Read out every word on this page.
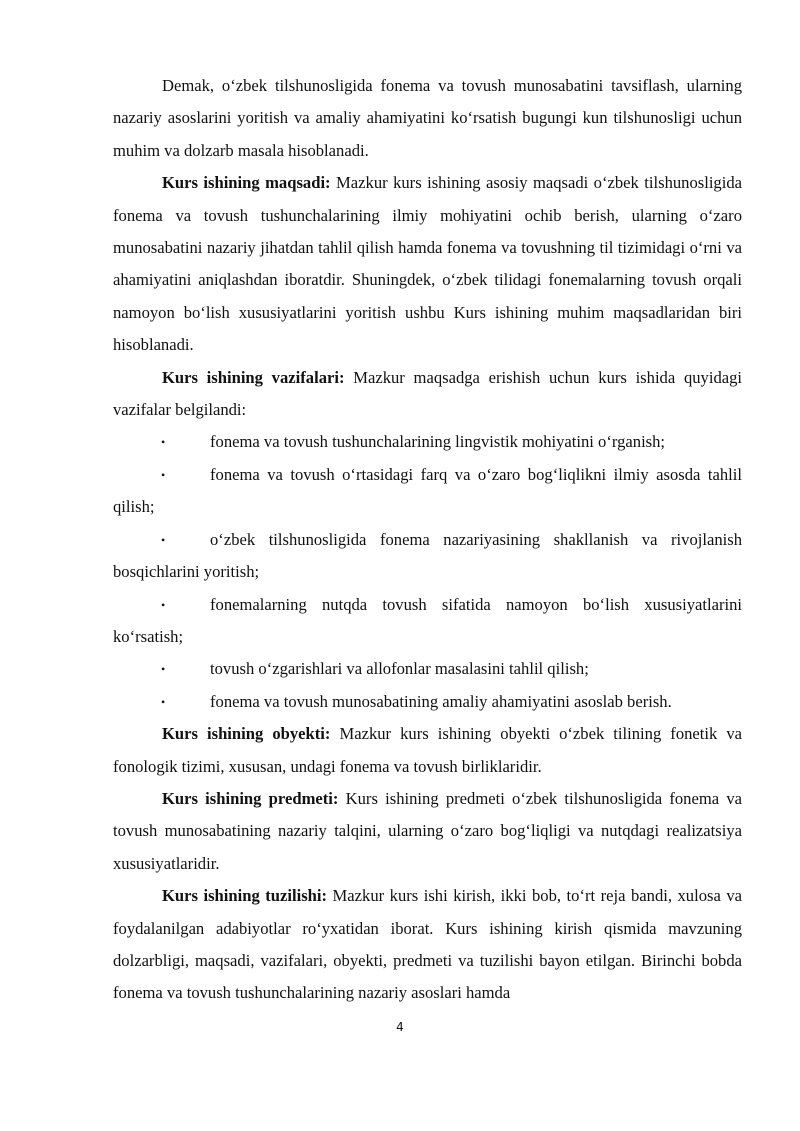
Demak, o‘zbek tilshunosligida fonema va tovush munosabatini tavsiflash, ularning nazariy asoslarini yoritish va amaliy ahamiyatini ko‘rsatish bugungi kun tilshunosligi uchun muhim va dolzarb masala hisoblanadi.

Kurs ishining maqsadi: Mazkur kurs ishining asosiy maqsadi o‘zbek tilshunosligida fonema va tovush tushunchalarining ilmiy mohiyatini ochib berish, ularning o‘zaro munosabatini nazariy jihatdan tahlil qilish hamda fonema va tovushning til tizimidagi o‘rni va ahamiyatini aniqlashdan iboratdir. Shuningdek, o‘zbek tilidagi fonemalarning tovush orqali namoyon bo‘lish xususiyatlarini yoritish ushbu Kurs ishining muhim maqsadlaridan biri hisoblanadi.

Kurs ishining vazifalari: Mazkur maqsadga erishish uchun kurs ishida quyidagi vazifalar belgilandi:

•	fonema va tovush tushunchalarining lingvistik mohiyatini o‘rganish;

•	fonema va tovush o‘rtasidagi farq va o‘zaro bog‘liqlikni ilmiy asosda tahlil qilish;

•	o‘zbek tilshunosligida fonema nazariyasining shakllanish va rivojlanish bosqichlarini yoritish;

•	fonemalarning nutqda tovush sifatida namoyon bo‘lish xususiyatlarini ko‘rsatish;

•	tovush o‘zgarishlari va allofonlar masalasini tahlil qilish;

•	fonema va tovush munosabatining amaliy ahamiyatini asoslab berish.

Kurs ishining obyekti: Mazkur kurs ishining obyekti o‘zbek tilining fonetik va fonologik tizimi, xususan, undagi fonema va tovush birliklaridir.

Kurs ishining predmeti: Kurs ishining predmeti o‘zbek tilshunosligida fonema va tovush munosabatining nazariy talqini, ularning o‘zaro bog‘liqligi va nutqdagi realizatsiya xususiyatlaridir.

Kurs ishining tuzilishi: Mazkur kurs ishi kirish, ikki bob, to‘rt reja bandi, xulosa va foydalanilgan adabiyotlar ro‘yxatidan iborat. Kurs ishining kirish qismida mavzuning dolzarbligi, maqsadi, vazifalari, obyekti, predmeti va tuzilishi bayon etilgan. Birinchi bobda fonema va tovush tushunchalarining nazariy asoslari hamda

4
